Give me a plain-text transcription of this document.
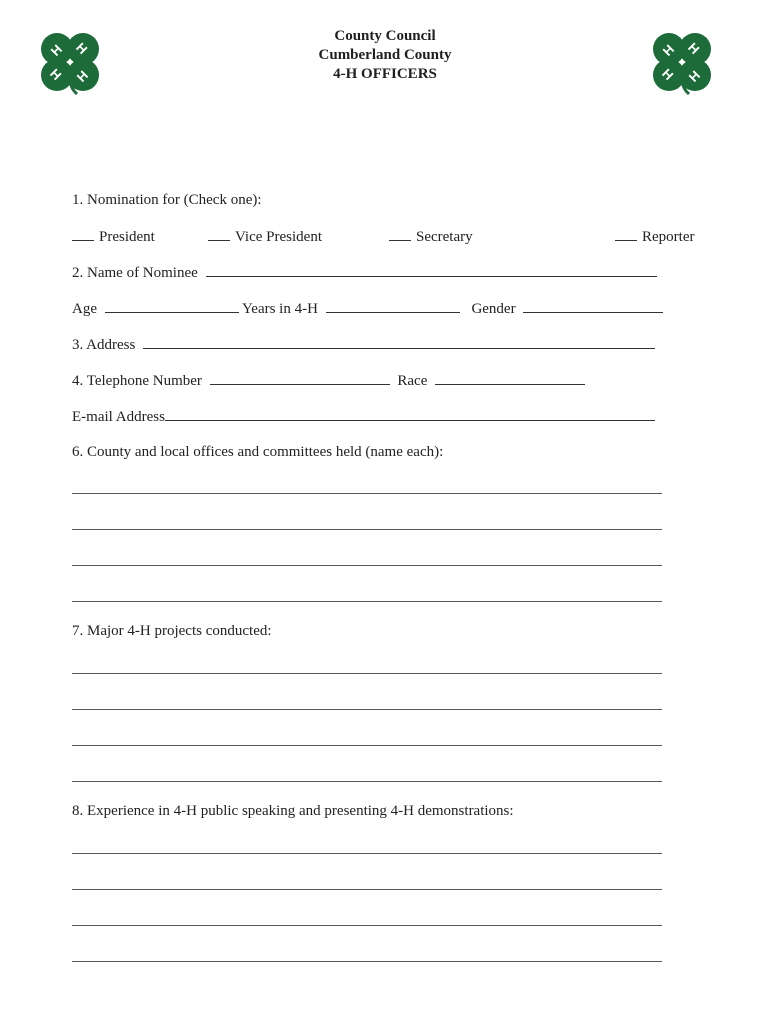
H H
H H
H H
H H
County Council
Cumberland County
4-H OFFICERS
1. Nomination for (Check one):
President	Vice President	Secretary	Reporter
2. Name of Nominee
Age	Years in 4-H	Gender
3. Address
4. Telephone Number	Race
E-mail Address
6. County and local offices and committees held (name each):
7. Major 4-H projects conducted:
8. Experience in 4-H public speaking and presenting 4-H demonstrations:
